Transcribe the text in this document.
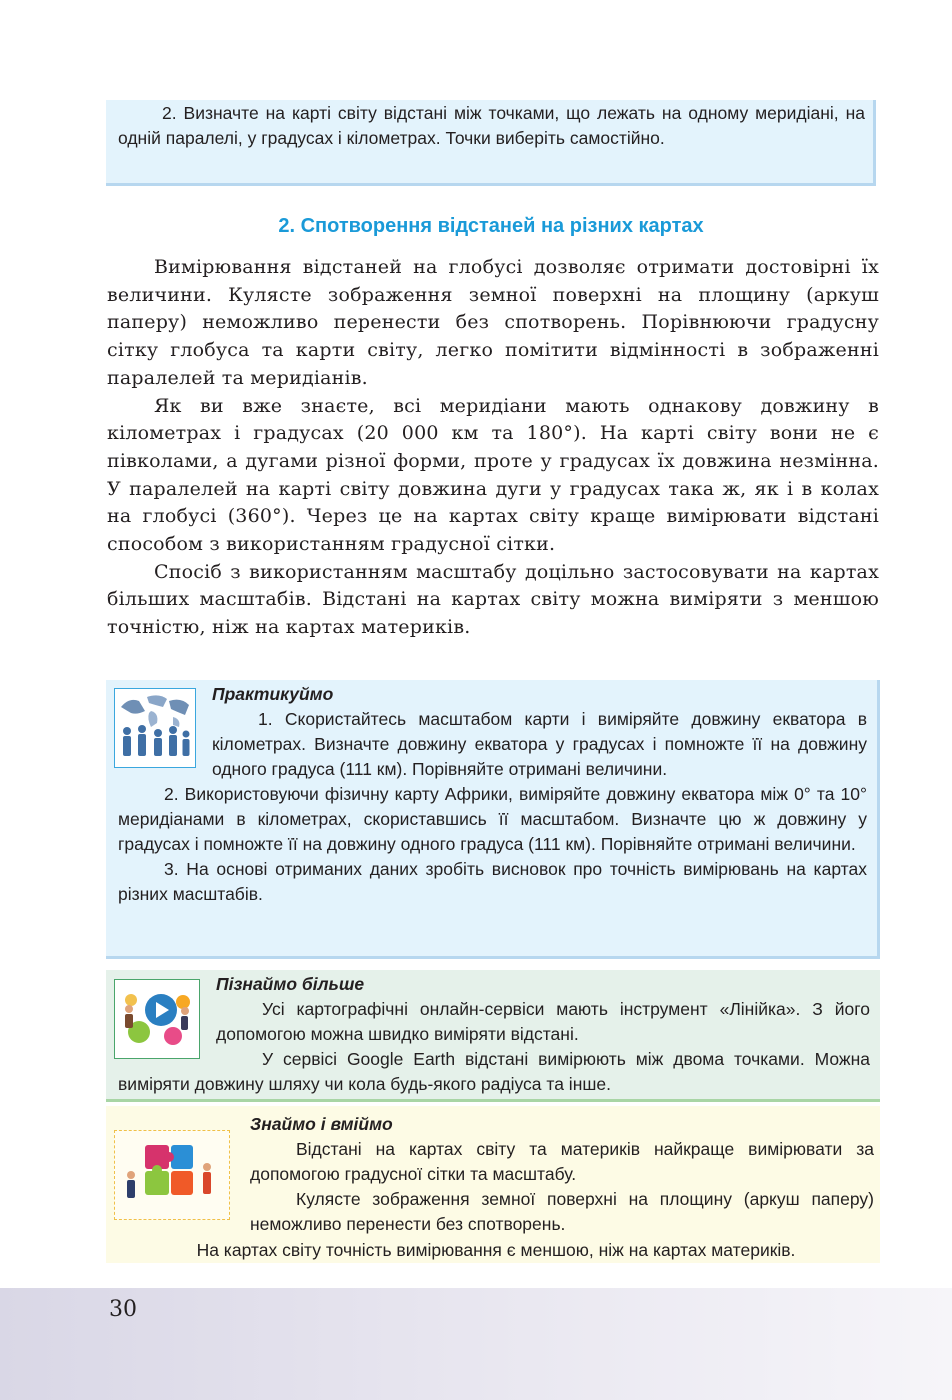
2. Визначте на карті світу відстані між точками, що лежать на одному меридіані, на одній паралелі, у градусах і кілометрах. Точки виберіть самостійно.

2. Спотворення відстаней на різних картах

Вимірювання відстаней на глобусі дозволяє отримати достовірні їх величини. Кулясте зображення земної поверхні на площину (аркуш паперу) неможливо перенести без спотворень. Порівнюючи градусну сітку глобуса та карти світу, легко помітити відмінності в зображенні паралелей та меридіанів.

Як ви вже знаєте, всі меридіани мають однакову довжину в кілометрах і градусах (20 000 км та 180°). На карті світу вони не є півколами, а дугами різної форми, проте у градусах їх довжина незмінна. У паралелей на карті світу довжина дуги у градусах така ж, як і в колах на глобусі (360°). Через це на картах світу краще вимірювати відстані способом з використанням градусної сітки.

Спосіб з використанням масштабу доцільно застосовувати на картах більших масштабів. Відстані на картах світу можна виміряти з меншою точністю, ніж на картах материків.

Практикуймо

1. Скористайтесь масштабом карти і виміряйте довжину екватора в кілометрах. Визначте довжину екватора у градусах і помножте її на довжину одного градуса (111 км). Порівняйте отримані величини.

2. Використовуючи фізичну карту Африки, виміряйте довжину екватора між 0° та 10° меридіанами в кілометрах, скориставшись її масштабом. Визначте цю ж довжину у градусах і помножте її на довжину одного градуса (111 км). Порівняйте отримані величини.

3. На основі отриманих даних зробіть висновок про точність вимірювань на картах різних масштабів.

Пізнаймо більше

Усі картографічні онлайн-сервіси мають інструмент «Лінійка». З його допомогою можна швидко виміряти відстані.

У сервісі Google Earth відстані вимірюють між двома точками. Можна виміряти довжину шляху чи кола будь-якого радіуса та інше.

Знаймо і вміймо

Відстані на картах світу та материків найкраще вимірювати за допомогою градусної сітки та масштабу.

Кулясте зображення земної поверхні на площину (аркуш паперу) неможливо перенести без спотворень.

На картах світу точність вимірювання є меншою, ніж на картах материків.

30
